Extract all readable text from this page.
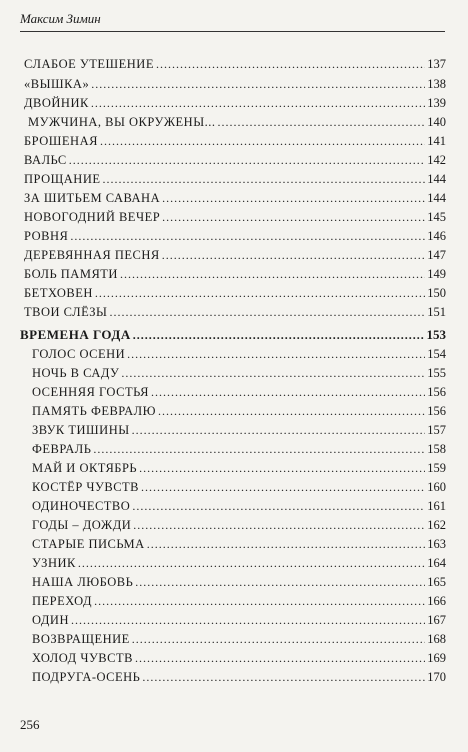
Максим Зимин
СЛАБОЕ УТЕШЕНИЕ .....	137
«ВЫШКА» .....	138
ДВОЙНИК .....	139
МУЖЧИНА, ВЫ ОКРУЖЕНЫ... .....	140
БРОШЕНАЯ .....	141
ВАЛЬС .....	142
ПРОЩАНИЕ .....	144
ЗА ШИТЬЕМ САВАНА .....	144
НОВОГОДНИЙ ВЕЧЕР .....	145
РОВНЯ .....	146
ДЕРЕВЯННАЯ ПЕСНЯ .....	147
БОЛЬ ПАМЯТИ .....	149
БЕТХОВЕН .....	150
ТВОИ СЛЁЗЫ .....	151
ВРЕМЕНА ГОДА .....	153
ГОЛОС ОСЕНИ .....	154
НОЧЬ В САДУ .....	155
ОСЕННЯЯ ГОСТЬЯ .....	156
ПАМЯТЬ ФЕВРАЛЮ .....	156
ЗВУК ТИШИНЫ .....	157
ФЕВРАЛЬ .....	158
МАЙ И ОКТЯБРЬ .....	159
КОСТЁР ЧУВСТВ .....	160
ОДИНОЧЕСТВО .....	161
ГОДЫ – ДОЖДИ .....	162
СТАРЫЕ ПИСЬМА .....	163
УЗНИК .....	164
НАША ЛЮБОВЬ .....	165
ПЕРЕХОД .....	166
ОДИН .....	167
ВОЗВРАЩЕНИЕ .....	168
ХОЛОД ЧУВСТВ .....	169
ПОДРУГА-ОСЕНЬ .....	170
256
